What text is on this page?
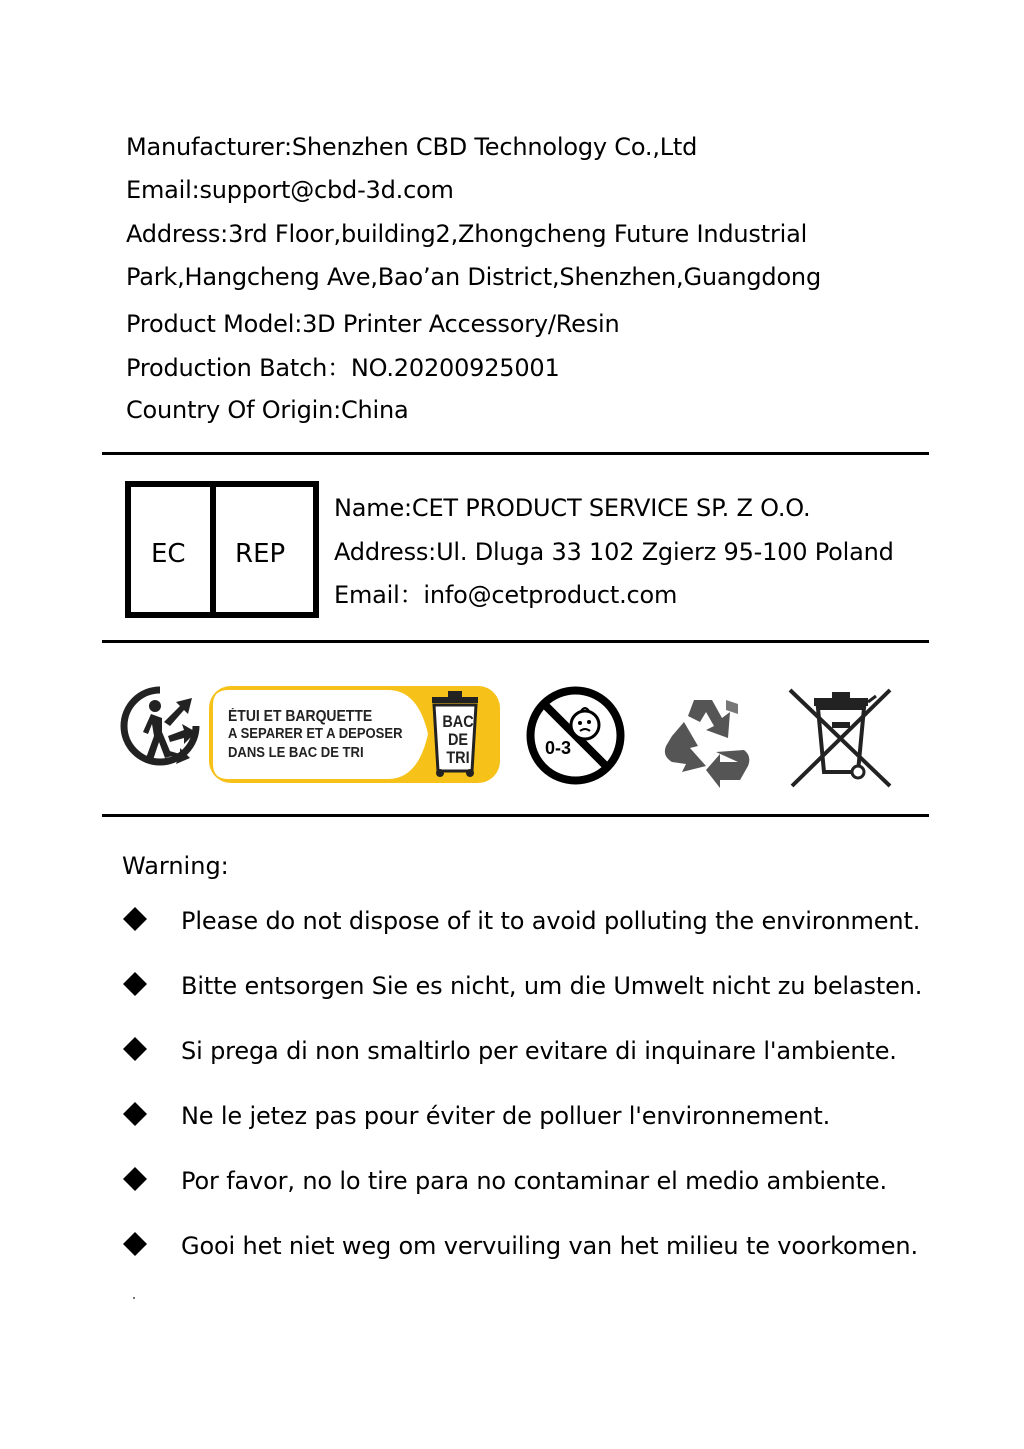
Manufacturer:Shenzhen CBD Technology Co.,Ltd
Email:support@cbd-3d.com
Address:3rd Floor,building2,Zhongcheng Future Industrial
Park,Hangcheng Ave,Bao’an District,Shenzhen,Guangdong
Product Model:3D Printer Accessory/Resin
Production Batch：NO.20200925001
Country Of Origin:China
EC REP
Name:CET PRODUCT SERVICE SP. Z O.O.
Address:Ul. Dluga 33 102 Zgierz 95-100 Poland
Email：info@cetproduct.com
ÉTUI ET BARQUETTE
A SEPARER ET A DEPOSER
DANS LE BAC DE TRI
BAC
DE
TRI	0-3
Warning:
Please do not dispose of it to avoid polluting the environment.
Bitte entsorgen Sie es nicht, um die Umwelt nicht zu belasten.
Si prega di non smaltirlo per evitare di inquinare l'ambiente.
Ne le jetez pas pour éviter de polluer l'environnement.
Por favor, no lo tire para no contaminar el medio ambiente.
Gooi het niet weg om vervuiling van het milieu te voorkomen.
